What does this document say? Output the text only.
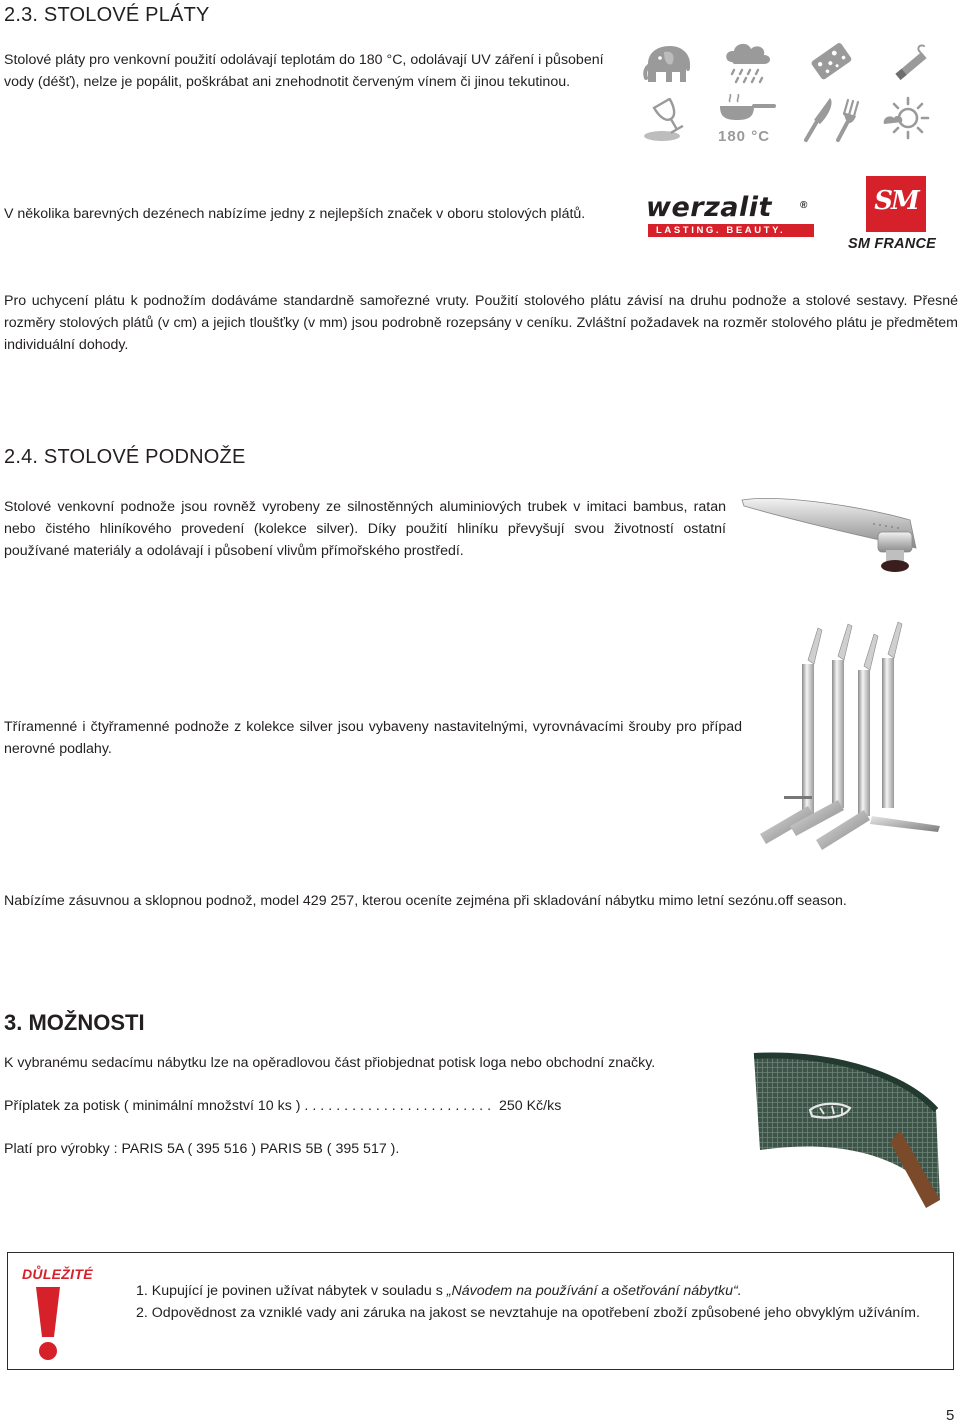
2.3. STOLOVÉ PLÁTY
Stolové pláty pro venkovní použití odolávají teplotám do 180 °C, odolávají UV záření i působení vody (déšť), nelze je popálit, poškrábat ani znehodnotit červeným vínem či jinou tekutinou.
180 °C
V několika barevných dezénech nabízíme jedny z nejlepších značek v oboru stolových plátů.	werzalit	®
LASTING. BEAUTY.
SM
SM FRANCE
Pro uchycení plátu k podnožím dodáváme standardně samořezné vruty. Použití stolového plátu závisí na druhu podnože a stolové sestavy. Přesné rozměry stolových plátů (v cm) a jejich tloušťky (v mm) jsou podrobně rozepsány v ceníku. Zvláštní požadavek na rozměr stolového plátu je předmětem individuální dohody.
2.4. STOLOVÉ PODNOŽE
Stolové venkovní podnože jsou rovněž vyrobeny ze silnostěnných aluminiových trubek v imitaci bambus, ratan nebo čistého hliníkového provedení (kolekce silver). Díky použití hliníku převyšují svou životností ostatní používané materiály a odolávají i působení vlivům přímořského prostředí.
Tříramenné i čtyřramenné podnože z kolekce silver jsou vybaveny nastavitelnými, vyrovnávacími šrouby pro případ nerovné podlahy.
Nabízíme zásuvnou a sklopnou podnož, model 429 257, kterou oceníte zejména při skladování nábytku mimo letní sezónu.off season.
3. MOŽNOSTI
K vybranému sedacímu nábytku lze na opěradlovou část přiobjednat potisk loga nebo obchodní značky.
Příplatek za potisk ( minimální množství 10 ks ) ........................ 250 Kč/ks
Platí pro výrobky : PARIS 5A ( 395 516 ) PARIS 5B ( 395 517 ).
DŮLEŽITÉ
1. Kupující je povinen užívat nábytek v souladu s „Návodem na používání a ošetřování nábytku“.
2. Odpovědnost za vzniklé vady ani záruka na jakost se nevztahuje na opotřebení zboží způsobené jeho obvyklým užíváním.
5
